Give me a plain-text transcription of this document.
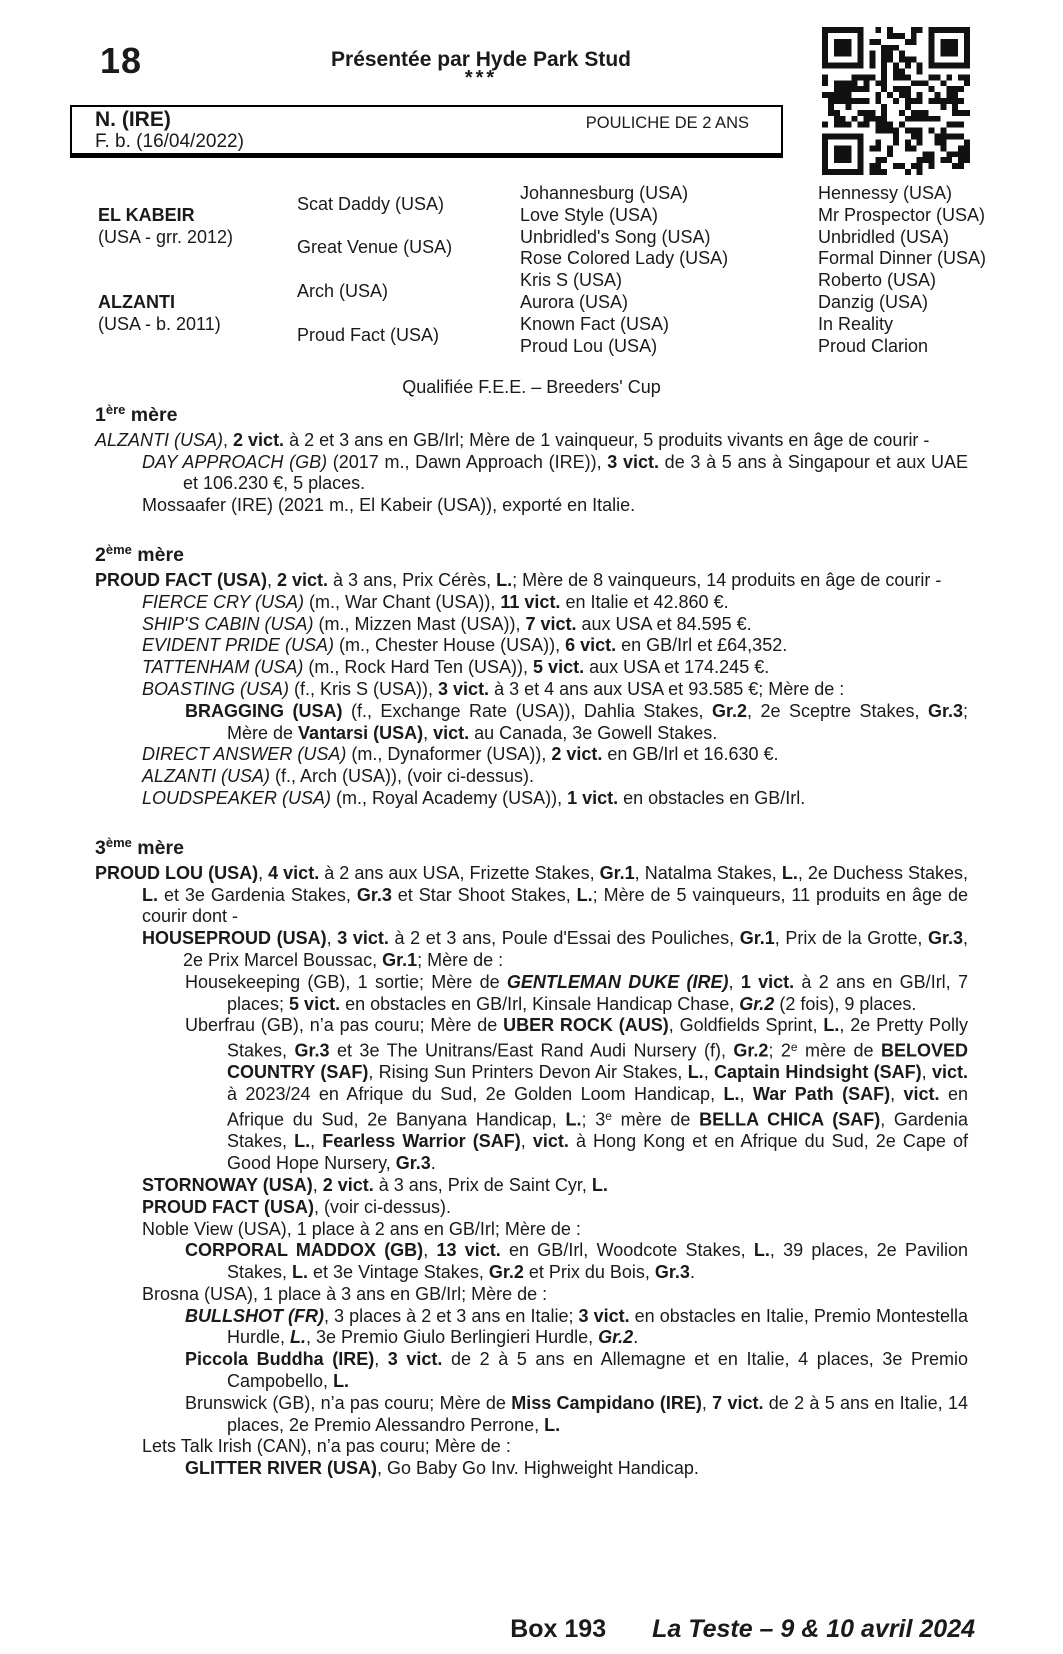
18	Présentée par Hyde Park Stud
***
N. (IRE)
F. b. (16/04/2022)
POULICHE DE 2 ANS
EL KABEIR
(USA - grr. 2012)
ALZANTI
(USA - b. 2011)
Scat Daddy (USA)
Great Venue (USA)
Arch (USA)
Proud Fact (USA)
Johannesburg (USA)
Love Style (USA)
Unbridled's Song (USA)
Rose Colored Lady (USA)
Kris S (USA)
Aurora (USA)
Known Fact (USA)
Proud Lou (USA)
Hennessy (USA)
Mr Prospector (USA)
Unbridled (USA)
Formal Dinner (USA)
Roberto (USA)
Danzig (USA)
In Reality
Proud Clarion
Qualifiée F.E.E. – Breeders' Cup
1ère mère

ALZANTI (USA), 2 vict. à 2 et 3 ans en GB/Irl; Mère de 1 vainqueur, 5 produits vivants en âge de courir -

DAY APPROACH (GB) (2017 m., Dawn Approach (IRE)), 3 vict. de 3 à 5 ans à Singapour et aux UAE et 106.230 €, 5 places.

Mossaafer (IRE) (2021 m., El Kabeir (USA)), exporté en Italie.

2ème mère

PROUD FACT (USA), 2 vict. à 3 ans, Prix Cérès, L.; Mère de 8 vainqueurs, 14 produits en âge de courir -

FIERCE CRY (USA) (m., War Chant (USA)), 11 vict. en Italie et 42.860 €.

SHIP'S CABIN (USA) (m., Mizzen Mast (USA)), 7 vict. aux USA et 84.595 €.

EVIDENT PRIDE (USA) (m., Chester House (USA)), 6 vict. en GB/Irl et £64,352.

TATTENHAM (USA) (m., Rock Hard Ten (USA)), 5 vict. aux USA et 174.245 €.

BOASTING (USA) (f., Kris S (USA)), 3 vict. à 3 et 4 ans aux USA et 93.585 €; Mère de :

BRAGGING (USA) (f., Exchange Rate (USA)), Dahlia Stakes, Gr.2, 2e Sceptre Stakes, Gr.3; Mère de Vantarsi (USA), vict. au Canada, 3e Gowell Stakes.

DIRECT ANSWER (USA) (m., Dynaformer (USA)), 2 vict. en GB/Irl et 16.630 €.

ALZANTI (USA) (f., Arch (USA)), (voir ci-dessus).

LOUDSPEAKER (USA) (m., Royal Academy (USA)), 1 vict. en obstacles en GB/Irl.

3ème mère

PROUD LOU (USA), 4 vict. à 2 ans aux USA, Frizette Stakes, Gr.1, Natalma Stakes, L., 2e Duchess Stakes, L. et 3e Gardenia Stakes, Gr.3 et Star Shoot Stakes, L.; Mère de 5 vainqueurs, 11 produits en âge de courir dont -

HOUSEPROUD (USA), 3 vict. à 2 et 3 ans, Poule d'Essai des Pouliches, Gr.1, Prix de la Grotte, Gr.3, 2e Prix Marcel Boussac, Gr.1; Mère de :

Housekeeping (GB), 1 sortie; Mère de GENTLEMAN DUKE (IRE), 1 vict. à 2 ans en GB/Irl, 7 places; 5 vict. en obstacles en GB/Irl, Kinsale Handicap Chase, Gr.2 (2 fois), 9 places.

Uberfrau (GB), n’a pas couru; Mère de UBER ROCK (AUS), Goldfields Sprint, L., 2e Pretty Polly Stakes, Gr.3 et 3e The Unitrans/East Rand Audi Nursery (f), Gr.2; 2e mère de BELOVED COUNTRY (SAF), Rising Sun Printers Devon Air Stakes, L., Captain Hindsight (SAF), vict. à 2023/24 en Afrique du Sud, 2e Golden Loom Handicap, L., War Path (SAF), vict. en Afrique du Sud, 2e Banyana Handicap, L.; 3e mère de BELLA CHICA (SAF), Gardenia Stakes, L., Fearless Warrior (SAF), vict. à Hong Kong et en Afrique du Sud, 2e Cape of Good Hope Nursery, Gr.3.

STORNOWAY (USA), 2 vict. à 3 ans, Prix de Saint Cyr, L.

PROUD FACT (USA), (voir ci-dessus).

Noble View (USA), 1 place à 2 ans en GB/Irl; Mère de :

CORPORAL MADDOX (GB), 13 vict. en GB/Irl, Woodcote Stakes, L., 39 places, 2e Pavilion Stakes, L. et 3e Vintage Stakes, Gr.2 et Prix du Bois, Gr.3.

Brosna (USA), 1 place à 3 ans en GB/Irl; Mère de :

BULLSHOT (FR), 3 places à 2 et 3 ans en Italie; 3 vict. en obstacles en Italie, Premio Montestella Hurdle, L., 3e Premio Giulo Berlingieri Hurdle, Gr.2.

Piccola Buddha (IRE), 3 vict. de 2 à 5 ans en Allemagne et en Italie, 4 places, 3e Premio Campobello, L.

Brunswick (GB), n’a pas couru; Mère de Miss Campidano (IRE), 7 vict. de 2 à 5 ans en Italie, 14 places, 2e Premio Alessandro Perrone, L.

Lets Talk Irish (CAN), n’a pas couru; Mère de :

GLITTER RIVER (USA), Go Baby Go Inv. Highweight Handicap.

Box 193 La Teste – 9 & 10 avril 2024
